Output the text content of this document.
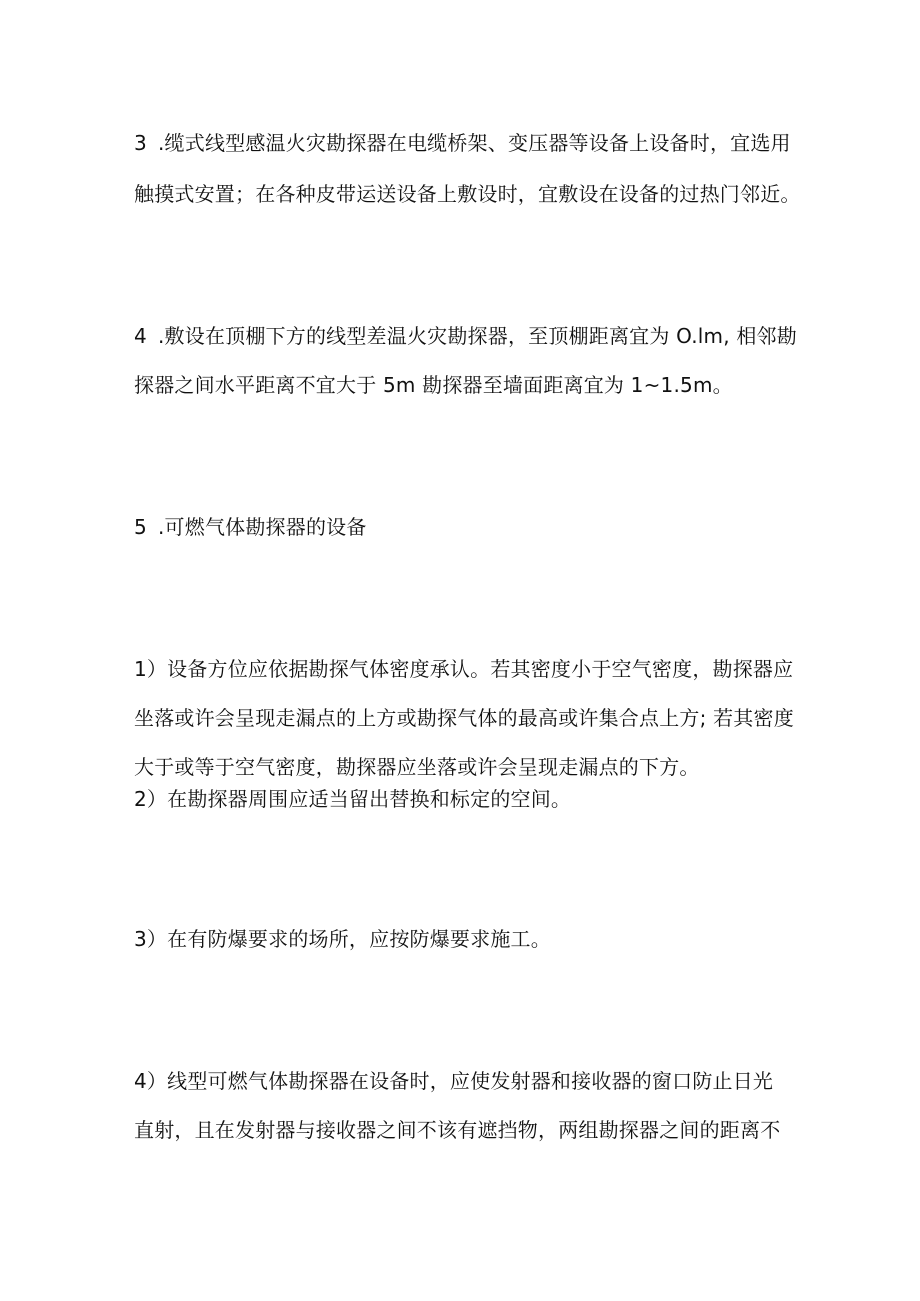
3 .缆式线型感温火灾勘探器在电缆桥架、变压器等设备上设备时，宜选用
触摸式安置；在各种皮带运送设备上敷设时，宜敷设在设备的过热门邻近。
4 .敷设在顶棚下方的线型差温火灾勘探器，至顶棚距离宜为 O.lm, 相邻勘
探器之间水平距离不宜大于 5m 勘探器至墙面距离宜为 1~1.5m。
5 .可燃气体勘探器的设备
1）设备方位应依据勘探气体密度承认。若其密度小于空气密度，勘探器应
坐落或许会呈现走漏点的上方或勘探气体的最高或许集合点上方; 若其密度
大于或等于空气密度，勘探器应坐落或许会呈现走漏点的下方。
2）在勘探器周围应适当留出替换和标定的空间。
3）在有防爆要求的场所，应按防爆要求施工。
4）线型可燃气体勘探器在设备时，应使发射器和接收器的窗口防止日光
直射，且在发射器与接收器之间不该有遮挡物，两组勘探器之间的距离不
